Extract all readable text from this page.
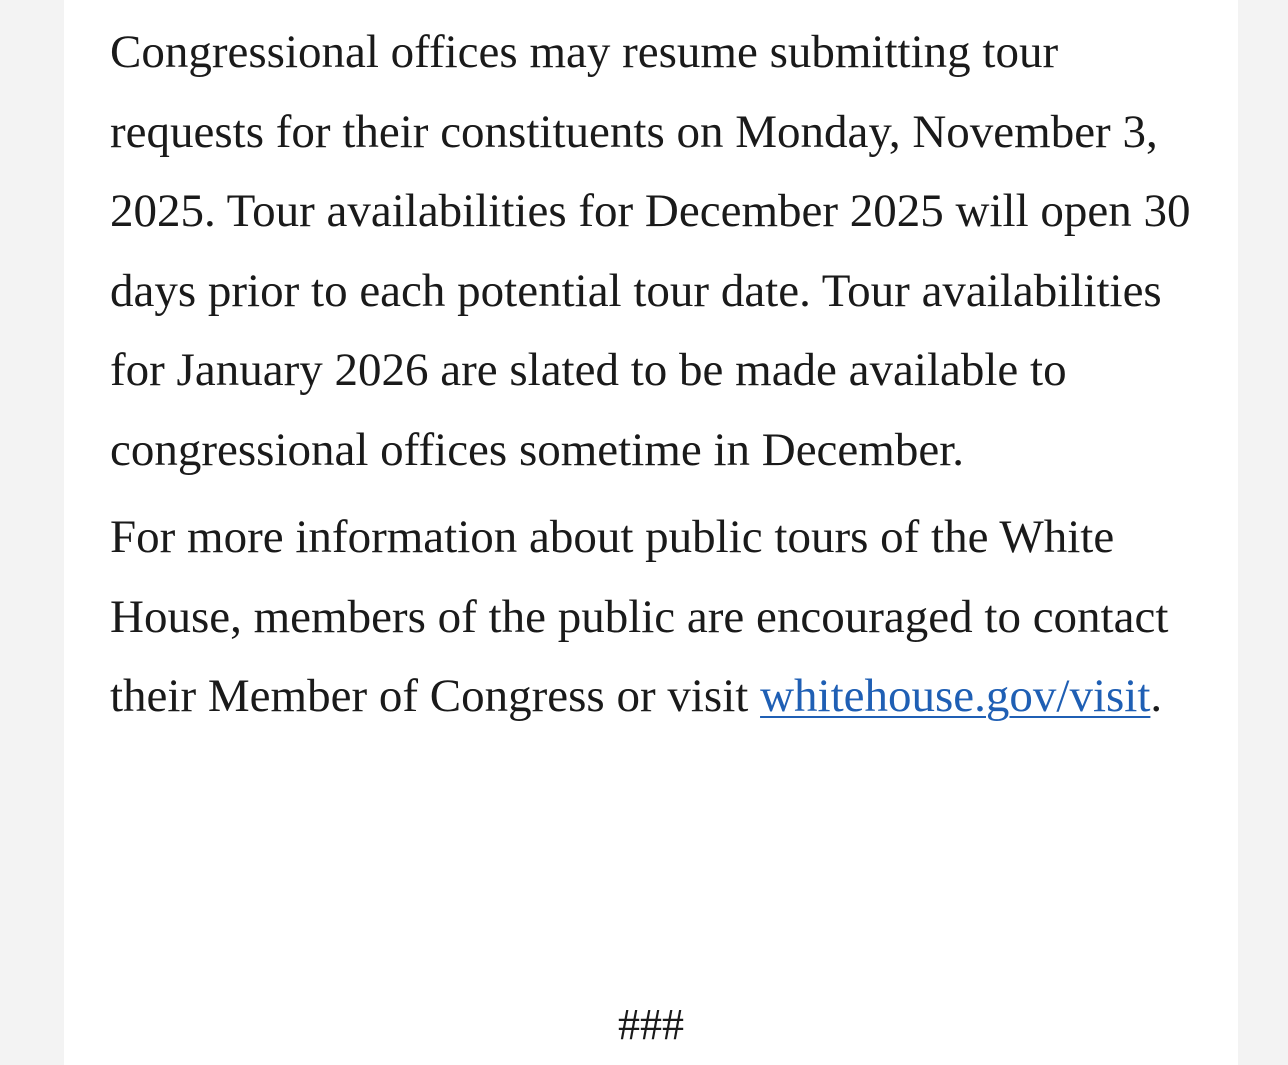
Congressional offices may resume submitting tour requests for their constituents on Monday, November 3, 2025. Tour availabilities for December 2025 will open 30 days prior to each potential tour date. Tour availabilities for January 2026 are slated to be made available to congressional offices sometime in December.

For more information about public tours of the White House, members of the public are encouraged to contact their Member of Congress or visit whitehouse.gov/visit.

###
